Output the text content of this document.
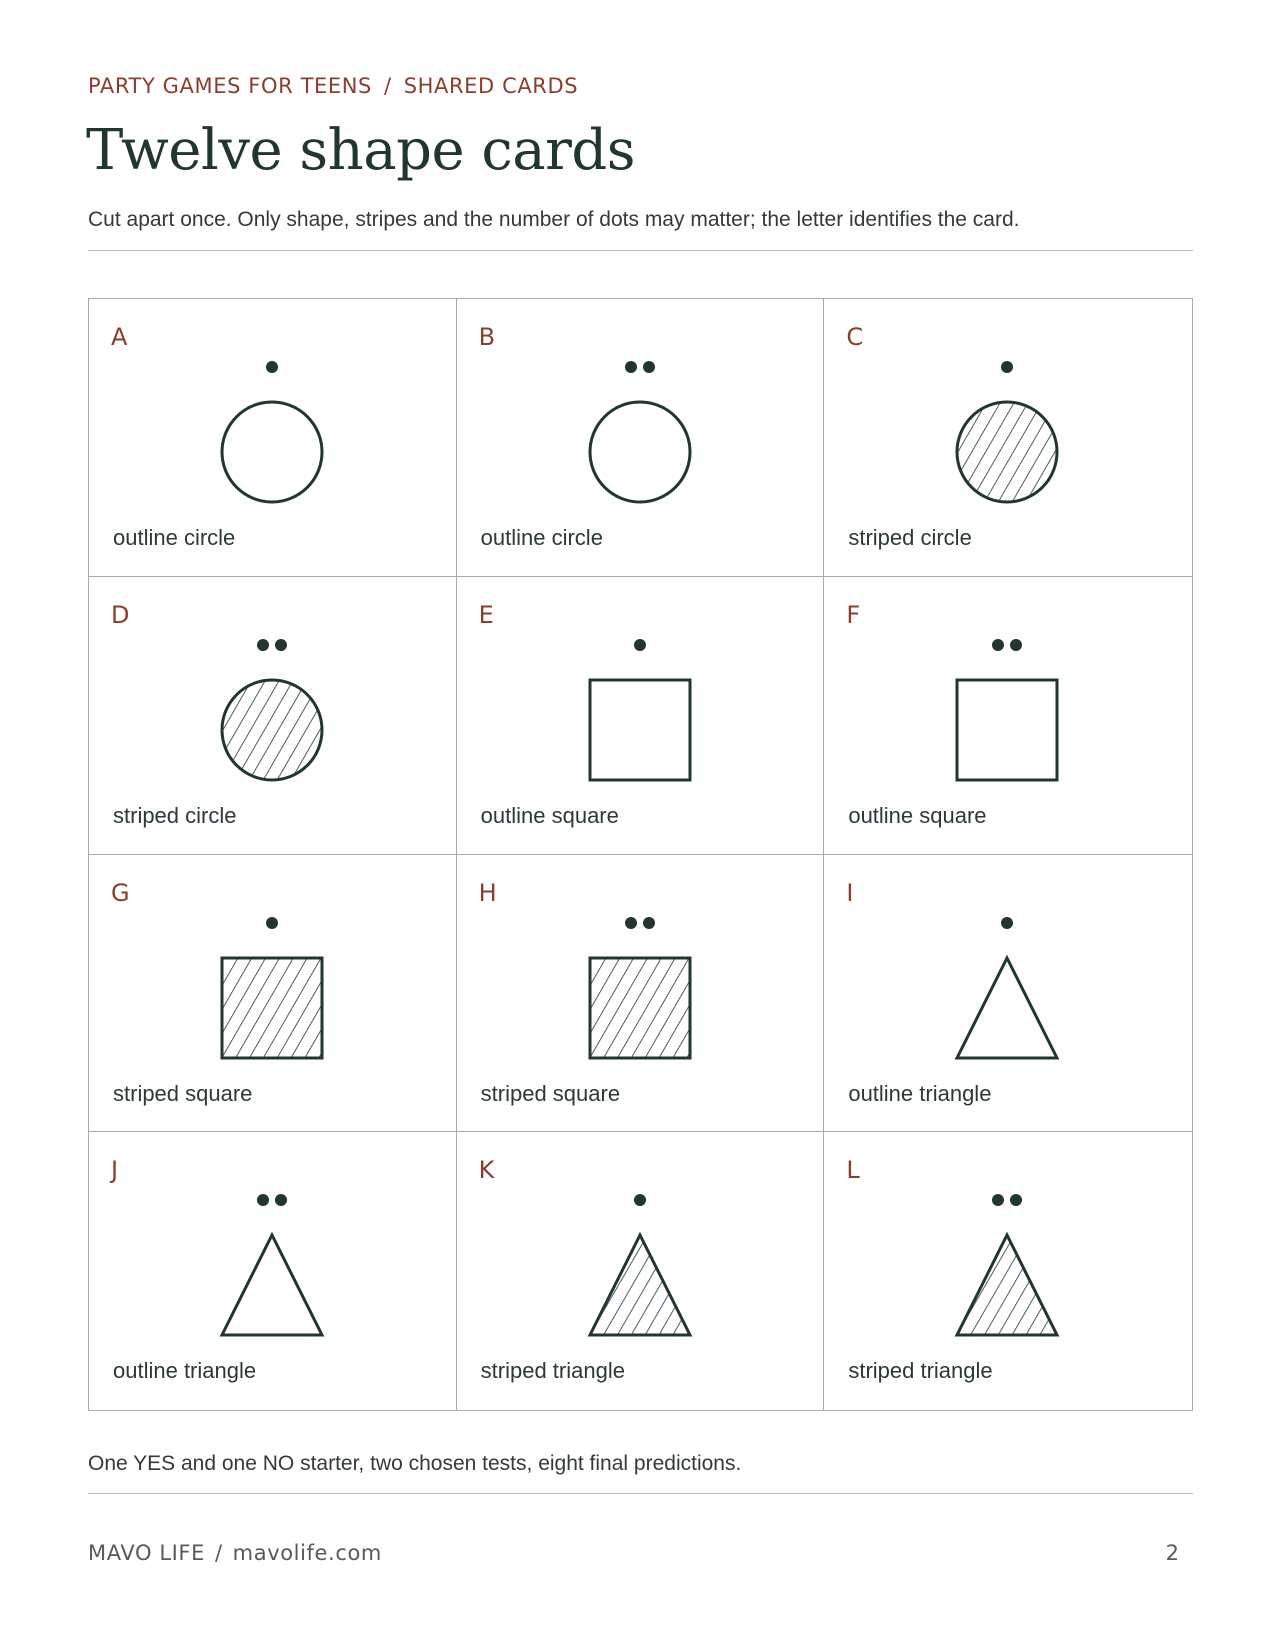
PARTY GAMES FOR TEENS / SHARED CARDS
Twelve shape cards
Cut apart once. Only shape, stripes and the number of dots may matter; the letter identifies the card.
A
outline circle
B
outline circle
C
striped circle
D
striped circle
E
outline square
F
outline square
G
striped square
H
striped square
I
outline triangle
J
outline triangle
K
striped triangle
L
striped triangle
One YES and one NO starter, two chosen tests, eight final predictions.
MAVO LIFE / mavolife.com	2
